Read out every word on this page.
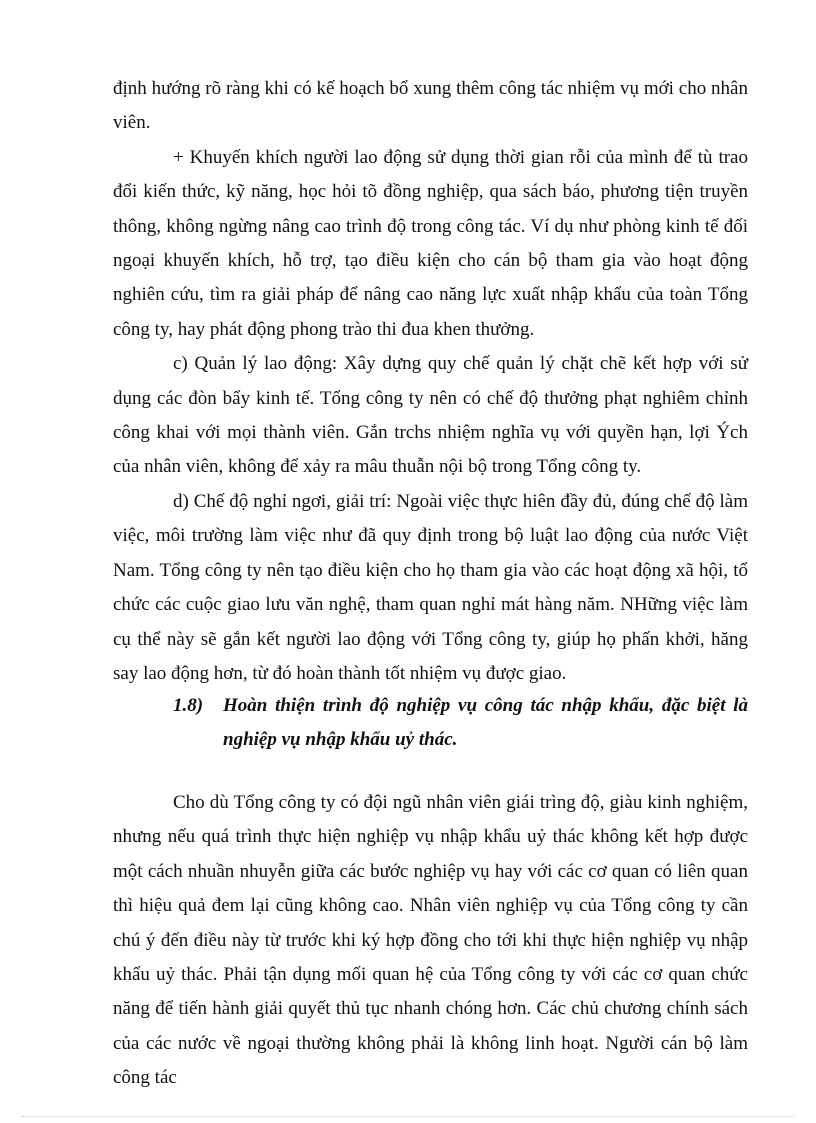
định hướng rõ ràng khi có kế hoạch bổ xung thêm công tác nhiệm vụ mới cho nhân viên.

+ Khuyến khích người lao động sử dụng thời gian rỗi của mình để tù trao đổi kiến thức, kỹ năng, học hỏi tõ đồng nghiệp, qua sách báo, phương tiện truyền thông, không ngừng nâng cao trình độ trong công tác. Ví dụ như phòng kinh tế đối ngoại khuyến khích, hỗ trợ, tạo điều kiện cho cán bộ tham gia vào hoạt động nghiên cứu, tìm ra giải pháp để nâng cao năng lực xuất nhập khẩu của toàn Tổng công ty, hay phát động phong trào thi đua khen thưởng.

c) Quản lý lao động: Xây dựng quy chế quản lý chặt chẽ kết hợp với sử dụng các đòn bẩy kinh tế. Tổng công ty nên có chế độ thưởng phạt nghiêm chỉnh công khai với mọi thành viên. Gắn trchs nhiệm nghĩa vụ với quyền hạn, lợi Ých của nhân viên, không để xảy ra mâu thuẫn nội bộ trong Tổng công ty.

d) Chế độ nghỉ ngơi, giải trí: Ngoài việc thực hiên đầy đủ, đúng chế độ làm việc, môi trường làm việc như đã quy định trong bộ luật lao động của nước Việt Nam. Tổng công ty nên tạo điều kiện cho họ tham gia vào các hoạt động xã hội, tổ chức các cuộc giao lưu văn nghệ, tham quan nghỉ mát hàng năm. NHững việc làm cụ thể này sẽ gắn kết người lao động với Tổng công ty, giúp họ phấn khởi, hăng say lao động hơn, từ đó hoàn thành tốt nhiệm vụ được giao.

1.8) Hoàn thiện trình độ nghiệp vụ công tác nhập khẩu, đặc biệt là nghiệp vụ nhập khẩu uỷ thác.

Cho dù Tổng công ty có đội ngũ nhân viên giái trìng độ, giàu kinh nghiệm, nhưng nếu quá trình thực hiện nghiệp vụ nhập khẩu uỷ thác không kết hợp được một cách nhuần nhuyễn giữa các bước nghiệp vụ hay với các cơ quan có liên quan thì hiệu quả đem lại cũng không cao. Nhân viên nghiệp vụ của Tổng công ty cần chú ý đến điều này từ trước khi ký hợp đồng cho tới khi thực hiện nghiệp vụ nhập khẩu uỷ thác. Phải tận dụng mối quan hệ của Tổng công ty với các cơ quan chức năng để tiến hành giải quyết thủ tục nhanh chóng hơn. Các chủ chương chính sách của các nước về ngoại thường không phải là không linh hoạt. Người cán bộ làm công tác
